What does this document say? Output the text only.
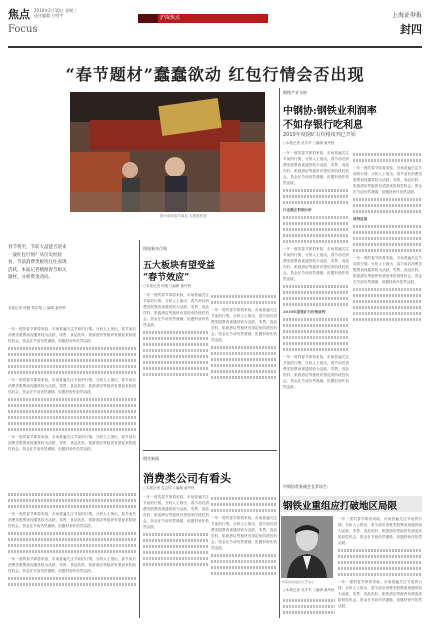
焦点 2010年2月10日 星期三
责任编辑 万明宇
Focus
沪深焦点	上海证券报
封四
“春节题材”蠢蠢欲动 红包行情会否出现
图为商场春节商品 本报资料图
春节将至，节前大盘能否迎来一波红包行情？从历史经验看，节前消费类板块往往表现活跃，本报记者梳理春节相关题材，分析资金动向。
本报记者 何媛 郑宏翔 ○ 编辑 童玲秋
一年一度的春节即将来临，市场普遍关注节前的行情。分析人士指出，春节前后消费类股票表现通常较为活跃，零售、食品饮料、旅游酒店等板块有望迎来阶段性机会。资金在节前仍然谨慎，但题材炒作依然活跃。
一年一度的春节即将来临，市场普遍关注节前的行情。分析人士指出，春节前后消费类股票表现通常较为活跃，零售、食品饮料、旅游酒店等板块有望迎来阶段性机会。资金在节前仍然谨慎，但题材炒作依然活跃。
一年一度的春节即将来临，市场普遍关注节前的行情。分析人士指出，春节前后消费类股票表现通常较为活跃，零售、食品饮料、旅游酒店等板块有望迎来阶段性机会。资金在节前仍然谨慎，但题材炒作依然活跃。
一年一度的春节即将来临，市场普遍关注节前的行情。分析人士指出，春节前后消费类股票表现通常较为活跃，零售、食品饮料、旅游酒店等板块有望迎来阶段性机会。资金在节前仍然谨慎，但题材炒作依然活跃。
一年一度的春节即将来临，市场普遍关注节前的行情。分析人士指出，春节前后消费类股票表现通常较为活跃，零售、食品饮料、旅游酒店等板块有望迎来阶段性机会。资金在节前仍然谨慎，但题材炒作依然活跃。
图说新年行情
五大板块有望受益
“春节效应”
○本报记者 何媛 ○编辑 童玲秋
一年一度的春节即将来临，市场普遍关注节前的行情。分析人士指出，春节前后消费类股票表现通常较为活跃，零售、食品饮料、旅游酒店等板块有望迎来阶段性机会。资金在节前仍然谨慎，但题材炒作依然活跃。
一年一度的春节即将来临，市场普遍关注节前的行情。分析人士指出，春节前后消费类股票表现通常较为活跃，零售、食品饮料、旅游酒店等板块有望迎来阶段性机会。资金在节前仍然谨慎，但题材炒作依然活跃。
相关新闻
消费类公司有看头
○本报记者 孟志伟 ○编辑 童玲秋
一年一度的春节即将来临，市场普遍关注节前的行情。分析人士指出，春节前后消费类股票表现通常较为活跃，零售、食品饮料、旅游酒店等板块有望迎来阶段性机会。资金在节前仍然谨慎，但题材炒作依然活跃。
一年一度的春节即将来临，市场普遍关注节前的行情。分析人士指出，春节前后消费类股票表现通常较为活跃，零售、食品饮料、旅游酒店等板块有望迎来阶段性机会。资金在节前仍然谨慎，但题材炒作依然活跃。
钢铁产业分析
中钢协:钢铁业利润率
不如存银行吃利息
2010年度钢矿石价格谈判已开始
○本报记者 吴芊芊 ○编辑 童玲秋
一年一度的春节即将来临，市场普遍关注节前的行情。分析人士指出，春节前后消费类股票表现通常较为活跃，零售、食品饮料、旅游酒店等板块有望迎来阶段性机会。资金在节前仍然谨慎，但题材炒作依然活跃。
行业钢企利润分析
一年一度的春节即将来临，市场普遍关注节前的行情。分析人士指出，春节前后消费类股票表现通常较为活跃，零售、食品饮料、旅游酒店等板块有望迎来阶段性机会。资金在节前仍然谨慎，但题材炒作依然活跃。
2010年度铁矿石价格谈判
一年一度的春节即将来临，市场普遍关注节前的行情。分析人士指出，春节前后消费类股票表现通常较为活跃，零售、食品饮料、旅游酒店等板块有望迎来阶段性机会。资金在节前仍然谨慎，但题材炒作依然活跃。
一年一度的春节即将来临，市场普遍关注节前的行情。分析人士指出，春节前后消费类股票表现通常较为活跃，零售、食品饮料、旅游酒店等板块有望迎来阶段性机会。资金在节前仍然谨慎，但题材炒作依然活跃。
谈判进展
一年一度的春节即将来临，市场普遍关注节前的行情。分析人士指出，春节前后消费类股票表现通常较为活跃，零售、食品饮料、旅游酒店等板块有望迎来阶段性机会。资金在节前仍然谨慎，但题材炒作依然活跃。
中钢协常务副会长罗冰生:
钢铁业重组应打破地区局限
中钢协常务副会长罗冰生
○本报记者 吴芊芊 ○编辑 童玲秋
一年一度的春节即将来临，市场普遍关注节前的行情。分析人士指出，春节前后消费类股票表现通常较为活跃，零售、食品饮料、旅游酒店等板块有望迎来阶段性机会。资金在节前仍然谨慎，但题材炒作依然活跃。
一年一度的春节即将来临，市场普遍关注节前的行情。分析人士指出，春节前后消费类股票表现通常较为活跃，零售、食品饮料、旅游酒店等板块有望迎来阶段性机会。资金在节前仍然谨慎，但题材炒作依然活跃。
